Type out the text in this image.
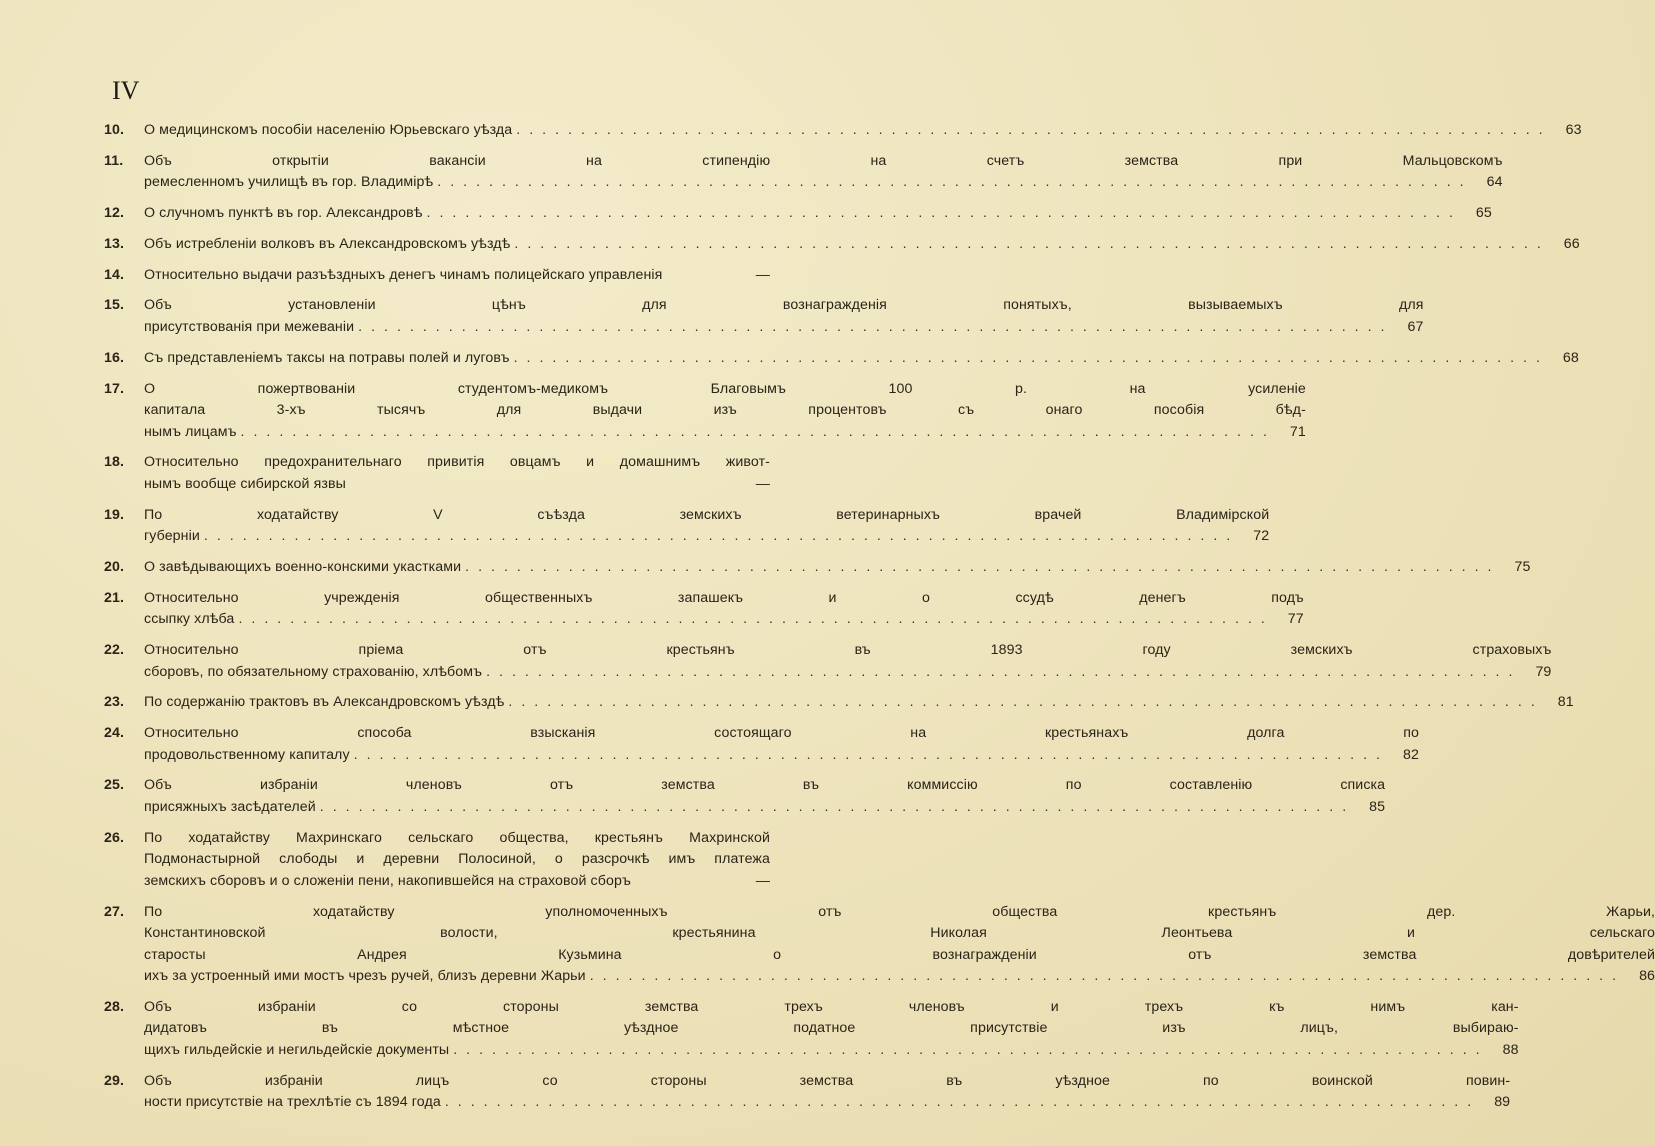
IV
10.	О медицинскомъ пособіи населенію Юрьевскаго уѣзда ................................................................................ 63
11.	Объ открытіи вакансіи на стипендію на счетъ земства при Мальцовскомъ
ремесленномъ училищѣ въ гор. Владимірѣ ................................................................................ 64
12.	О случномъ пунктѣ въ гор. Александровѣ ................................................................................ 65
13.	Объ истребленіи волковъ въ Александровскомъ уѣздѣ ................................................................................ 66
14.	Относительно выдачи разъѣздныхъ денегъ чинамъ полицейскаго управленія	—
15.	Объ установленіи цѣнъ для вознагражденія понятыхъ, вызываемыхъ для
присутствованія при межеваніи ................................................................................ 67
16.	Съ представленіемъ таксы на потравы полей и луговъ ................................................................................ 68
17.	О пожертвованіи студентомъ-медикомъ Благовымъ 100 р. на усиленіе
капитала 3-хъ тысячъ для выдачи изъ процентовъ съ онаго пособія бѣд-
нымъ лицамъ ................................................................................ 71
18.	Относительно предохранительнаго привитія овцамъ и домашнимъ живот-
нымъ вообще сибирской язвы	—
19.	По ходатайству V съѣзда земскихъ ветеринарныхъ врачей Владимірской
губерніи ................................................................................ 72
20.	О завѣдывающихъ военно-конскими укастками ................................................................................ 75
21.	Относительно учрежденія общественныхъ запашекъ и о ссудѣ денегъ подъ
ссыпку хлѣба ................................................................................ 77
22.	Относительно пріема отъ крестьянъ въ 1893 году земскихъ страховыхъ
сборовъ, по обязательному страхованію, хлѣбомъ ................................................................................ 79
23.	По содержанію трактовъ въ Александровскомъ уѣздѣ ................................................................................ 81
24.	Относительно способа взысканія состоящаго на крестьянахъ долга по
продовольственному капиталу ................................................................................ 82
25.	Объ избраніи членовъ отъ земства въ коммиссію по составленію списка
присяжныхъ засѣдателей ................................................................................ 85
26.	По ходатайству Махринскаго сельскаго общества, крестьянъ Махринской
Подмонастырной слободы и деревни Полосиной, о разсрочкѣ имъ платежа
земскихъ сборовъ и о сложеніи пени, накопившейся на страховой сборъ	—
27.	По ходатайству уполномоченныхъ отъ общества крестьянъ дер. Жарьи,
Константиновской волости, крестьянина Николая Леонтьева и сельскаго
старосты Андрея Кузьмина о вознагражденіи отъ земства довѣрителей
ихъ за устроенный ими мостъ чрезъ ручей, близъ деревни Жарьи ................................................................................ 86
28.	Объ избраніи со стороны земства трехъ членовъ и трехъ къ нимъ кан-
дидатовъ въ мѣстное уѣздное податное присутствіе изъ лицъ, выбираю-
щихъ гильдейскіе и негильдейскіе документы ................................................................................ 88
29.	Объ избраніи лицъ со стороны земства въ уѣздное по воинской повин-
ности присутствіе на трехлѣтіе съ 1894 года ................................................................................ 89
